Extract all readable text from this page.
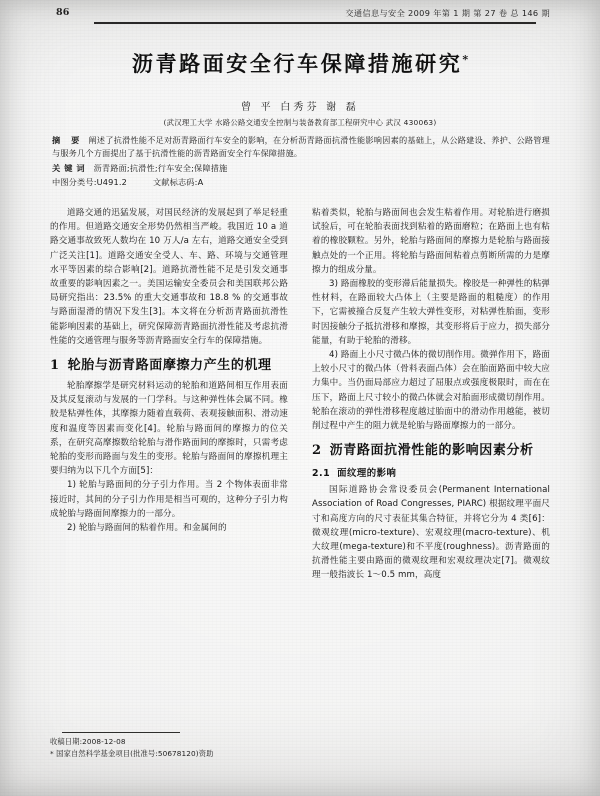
86	交通信息与安全 2009 年第 1 期 第 27 卷 总 146 期
沥青路面安全行车保障措施研究*
曾 平 白秀芬 谢 磊
(武汉理工大学 水路公路交通安全控制与装备教育部工程研究中心 武汉 430063)

摘 要 阐述了抗滑性能不足对沥青路面行车安全的影响，在分析沥青路面抗滑性能影响因素的基础上，从公路建设、养护、公路管理与服务几个方面提出了基于抗滑性能的沥青路面安全行车保障措施。

关键词 沥青路面;抗滑性;行车安全;保障措施

中图分类号:U491.2	文献标志码:A

道路交通的迅猛发展，对国民经济的发展起到了举足轻重的作用。但道路交通安全形势仍然相当严峻。我国近 10 a 道路交通事故致死人数均在 10 万人/a 左右，道路交通安全受到广泛关注[1]。道路交通安全受人、车、路、环境与交通管理水平等因素的综合影响[2]。道路抗滑性能不足是引发交通事故重要的影响因素之一。美国运输安全委员会和美国联邦公路局研究指出：23.5% 的重大交通事故和 18.8 % 的交通事故与路面湿滑的情况下发生[3]。本文将在分析沥青路面抗滑性能影响因素的基础上，研究保障沥青路面抗滑性能及考虑抗滑性能的交通管理与服务等沥青路面安全行车的保障措施。

1 轮胎与沥青路面摩擦力产生的机理

轮胎摩擦学是研究材料运动的轮胎和道路间相互作用表面及其反复滚动与发展的一门学科。与这种弹性体会属不同。橡胶是粘弹性体，其摩擦力随着直载荷、表观接触面积、滑动速度和温度等因素而变化[4]。轮胎与路面间的摩擦力的位关系，在研究高摩擦数给轮胎与滑作路面间的摩擦时，只需考虑轮胎的变形而路面与发生的变形。轮胎与路面间的摩擦机理主要归纳为以下几个方面[5]：

1) 轮胎与路面间的分子引力作用。当 2 个物体表面非常接近时，其间的分子引力作用是相当可观的，这种分子引力构成轮胎与路面间摩擦力的一部分。

2) 轮胎与路面间的粘着作用。和金属间的

粘着类似，轮胎与路面间也会发生粘着作用。对轮胎进行磨损试验后，可在轮胎表面找到粘着的路面磨粒；在路面上也有粘着的橡胶颗粒。另外，轮胎与路面间的摩擦力是轮胎与路面接触点处的一个正用。将轮胎与路面间粘着点剪断所需的力是摩擦力的组成分量。

3) 路面橡胶的变形滞后能量损失。橡胶是一种弹性的粘弹性材料，在路面较大凸体上（主要是路面的粗糙度）的作用下，它需被撞合反复产生较大弹性变形，对粘弹性胎面，变形时因接触分子抵抗滑移和摩擦，其变形将后于应力，损失部分能量，有助于轮胎的滑移。

4) 路面上小尺寸微凸体的微切削作用。微弹作用下，路面上较小尺寸的微凸体（骨料表面凸体）会在胎面路面中较大应力集中。当仍面局部应力超过了屈服点或强度极限时，而在在压下，路面上尺寸较小的微凸体就会对胎面形成微切削作用。轮胎在滚动的弹性滑移程度越过胎面中的滑动作用越能，被切削过程中产生的阻力就是轮胎与路面摩擦力的一部分。

2 沥青路面抗滑性能的影响因素分析
2.1 面纹理的影响

国际道路协会常设委员会(Permanent International Association of Road Congresses, PIARC) 根据纹理平面尺寸和高度方向的尺寸表征其集合特征，并将它分为 4 类[6]：微观纹理(micro-texture)、宏观纹理(macro-texture)、机大纹理(mega-texture)和不平度(roughness)。沥青路面的抗滑性能主要由路面的微观纹理和宏观纹理决定[7]。微观纹理一般指波长 1～0.5 mm，高度

收稿日期:2008-12-08
* 国家自然科学基金项目(批准号:50678120)资助
